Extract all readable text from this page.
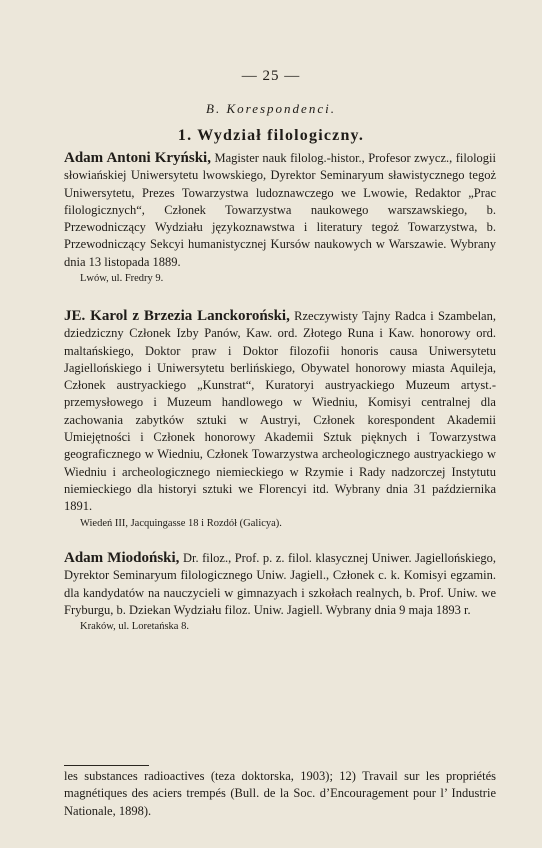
— 25 —
B. Korespondenci.
1. Wydział filologiczny.
Adam Antoni Kryński, Magister nauk filolog.-histor., Profesor zwycz., filologii słowiańskiej Uniwersytetu lwowskiego, Dyrektor Seminaryum sławistycznego tegoż Uniwersytetu, Prezes Towarzystwa ludoznawczego we Lwowie, Redaktor „Prac filologicznych“, Członek Towarzystwa naukowego warszawskiego, b. Przewodniczący Wydziału językoznawstwa i literatury tegoż Towarzystwa, b. Przewodniczący Sekcyi humanistycznej Kursów naukowych w Warszawie. Wybrany dnia 13 listopada 1889.
Lwów, ul. Fredry 9.
JE. Karol z Brzezia Lanckoroński, Rzeczywisty Tajny Radca i Szambelan, dziedziczny Członek Izby Panów, Kaw. ord. Złotego Runa i Kaw. honorowy ord. maltańskiego, Doktor praw i Doktor filozofii honoris causa Uniwersytetu Jagiellońskiego i Uniwersytetu berlińskiego, Obywatel honorowy miasta Aquileja, Członek austryackiego „Kunstrat“, Kuratoryi austryackiego Muzeum artyst.-przemysłowego i Muzeum handlowego w Wiedniu, Komisyi centralnej dla zachowania zabytków sztuki w Austryi, Członek korespondent Akademii Umiejętności i Członek honorowy Akademii Sztuk pięknych i Towarzystwa geograficznego w Wiedniu, Członek Towarzystwa archeologicznego austryackiego w Wiedniu i archeologicznego niemieckiego w Rzymie i Rady nadzorczej Instytutu niemieckiego dla historyi sztuki we Florencyi itd. Wybrany dnia 31 października 1891.
Wiedeń III, Jacquingasse 18 i Rozdół (Galicya).
Adam Miodoński, Dr. filoz., Prof. p. z. filol. klasycznej Uniwer. Jagiellońskiego, Dyrektor Seminaryum filologicznego Uniw. Jagiell., Członek c. k. Komisyi egzamin. dla kandydatów na nauczycieli w gimnazyach i szkołach realnych, b. Prof. Uniw. we Fryburgu, b. Dziekan Wydziału filoz. Uniw. Jagiell. Wybrany dnia 9 maja 1893 r.
Kraków, ul. Loretańska 8.
les substances radioactives (teza doktorska, 1903); 12) Travail sur les propriétés magnétiques des aciers trempés (Bull. de la Soc. d’Encouragement pour l’ Industrie Nationale, 1898).
